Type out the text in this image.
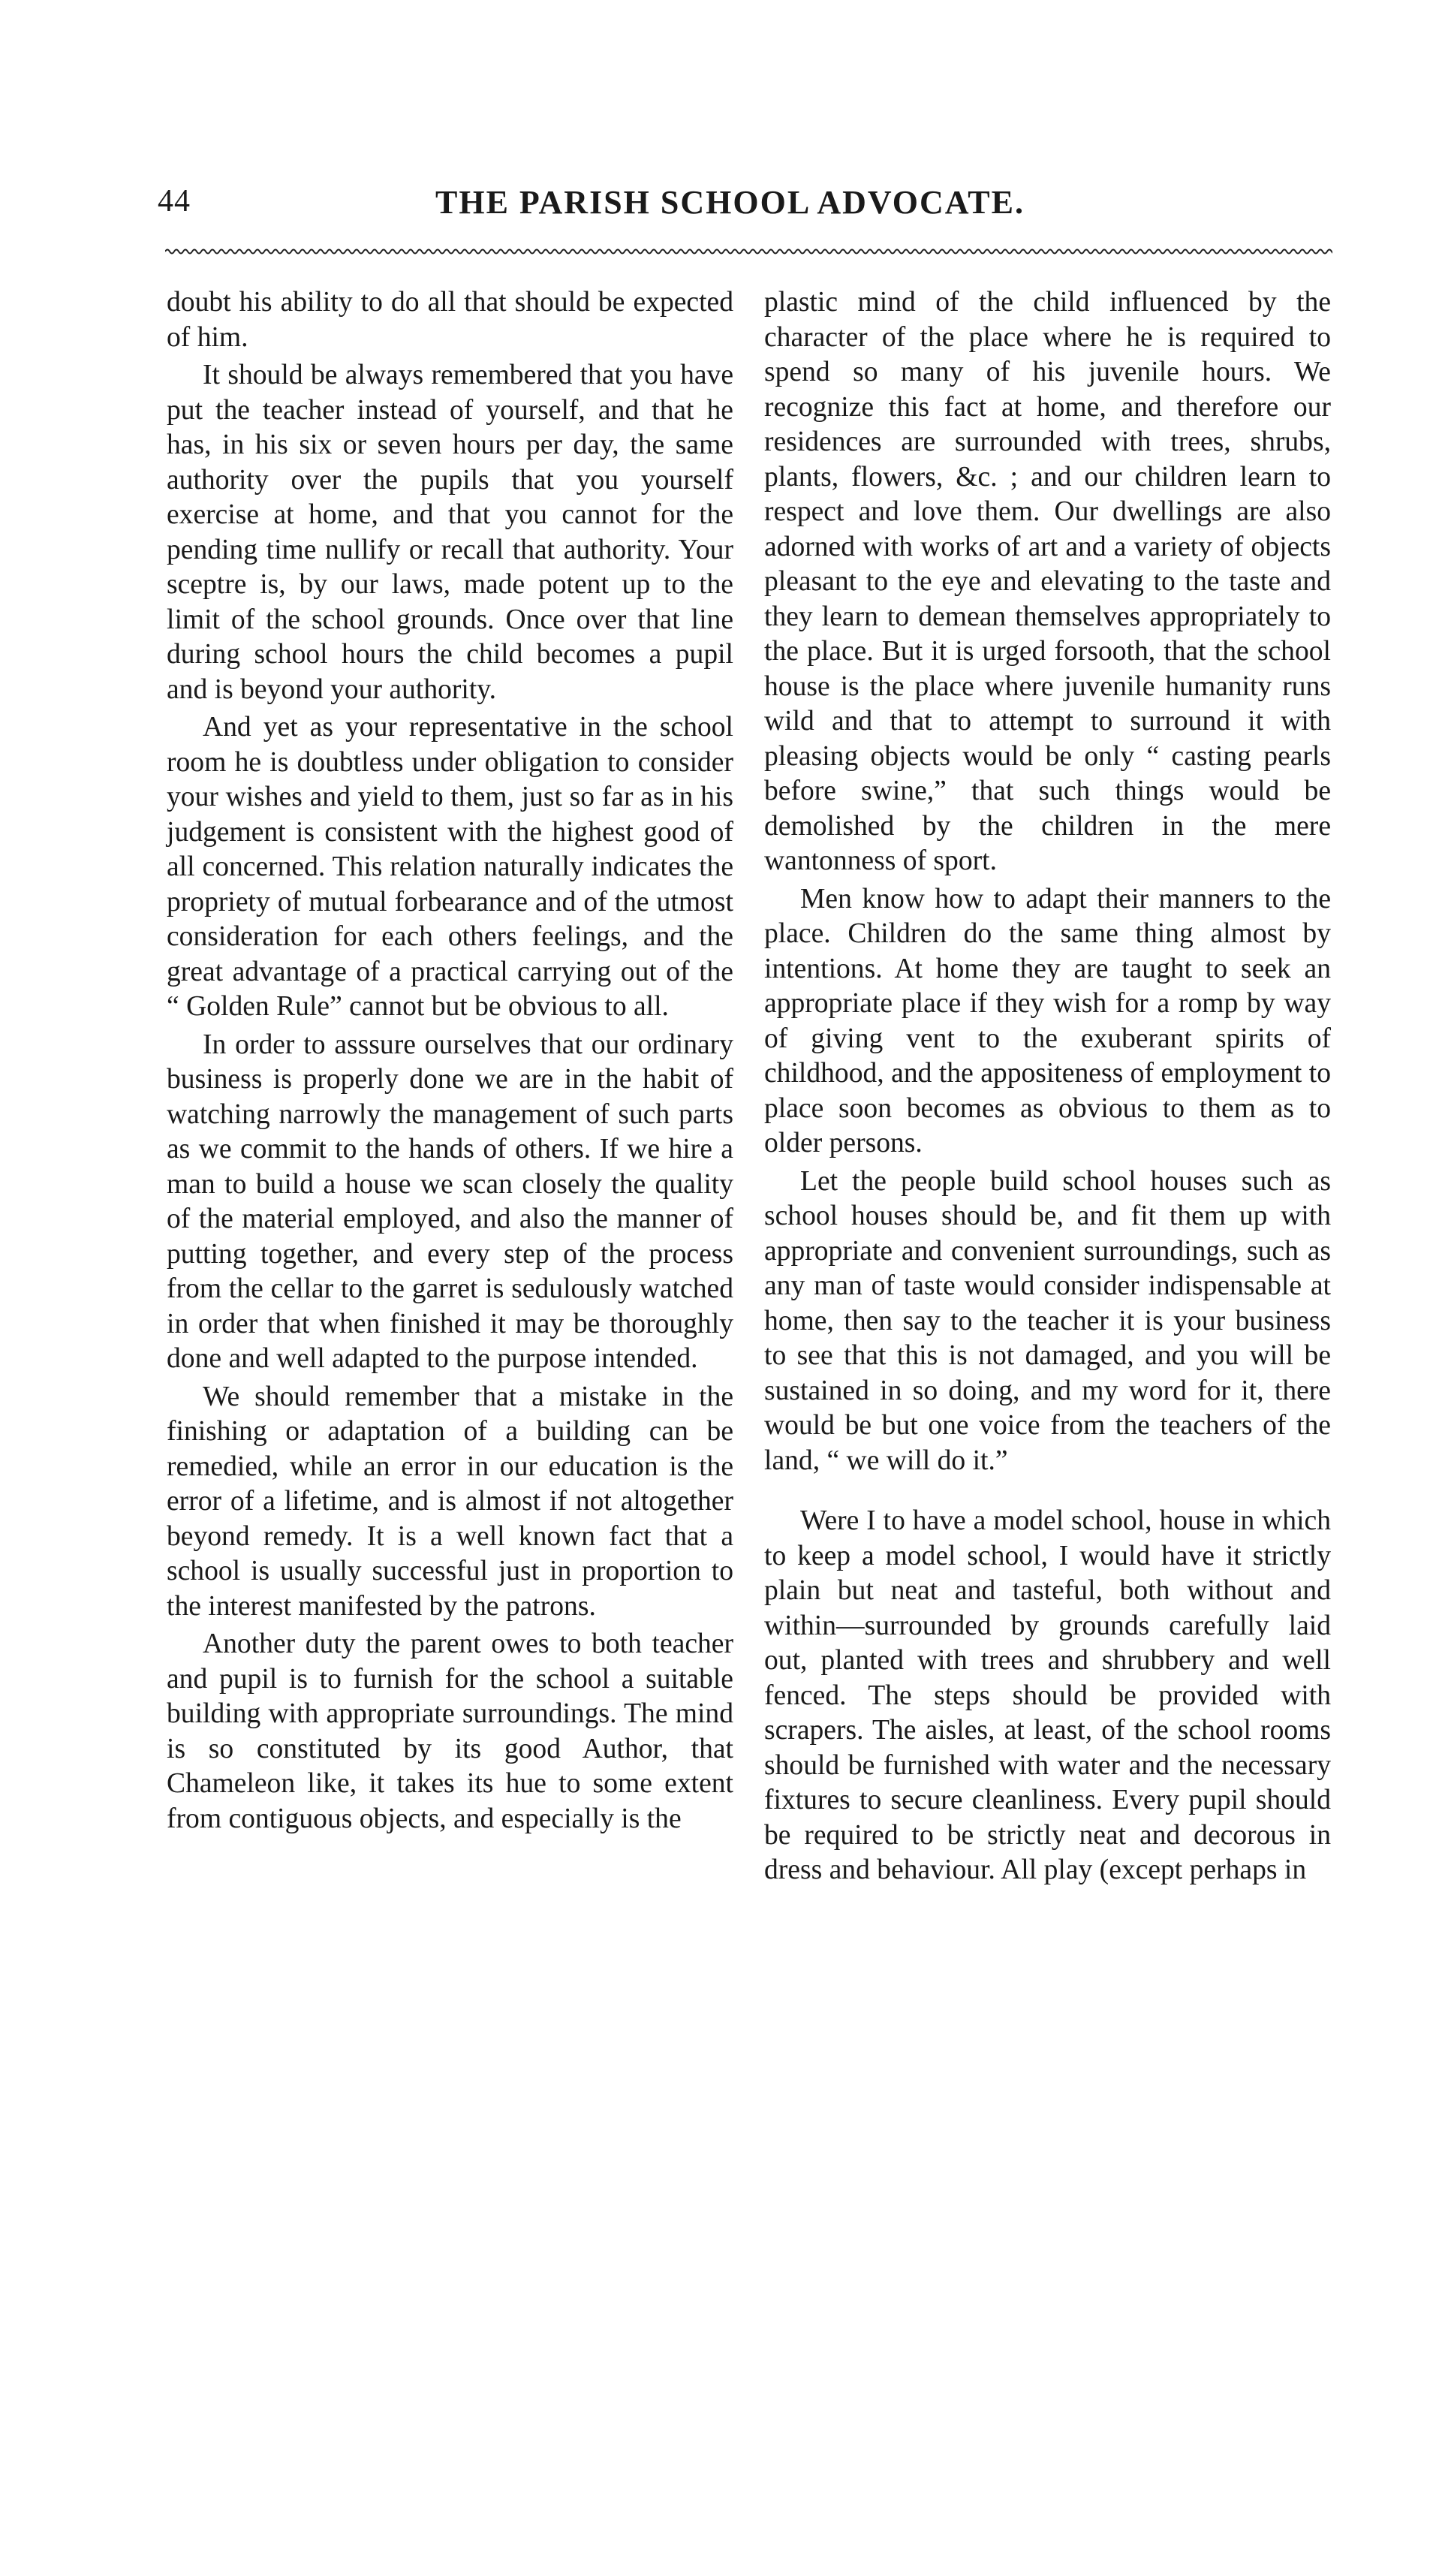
44	THE PARISH SCHOOL ADVOCATE.

doubt his ability to do all that should be expected of him.

It should be always remembered that you have put the teacher instead of yourself, and that he has, in his six or seven hours per day, the same authority over the pupils that you yourself exercise at home, and that you cannot for the pending time nullify or recall that authority. Your sceptre is, by our laws, made potent up to the limit of the school grounds. Once over that line during school hours the child becomes a pupil and is beyond your authority.

And yet as your representative in the school room he is doubtless under obligation to consider your wishes and yield to them, just so far as in his judgement is consistent with the highest good of all concerned. This relation naturally indicates the propriety of mutual forbearance and of the utmost consideration for each others feelings, and the great advantage of a practical carrying out of the “ Golden Rule” cannot but be obvious to all.

In order to asssure ourselves that our ordinary business is properly done we are in the habit of watching narrowly the management of such parts as we commit to the hands of others. If we hire a man to build a house we scan closely the quality of the material employed, and also the manner of putting together, and every step of the process from the cellar to the garret is sedulously watched in order that when finished it may be thoroughly done and well adapted to the purpose intended.

We should remember that a mistake in the finishing or adaptation of a building can be remedied, while an error in our education is the error of a lifetime, and is almost if not altogether beyond remedy. It is a well known fact that a school is usually successful just in proportion to the interest manifested by the patrons.

Another duty the parent owes to both teacher and pupil is to furnish for the school a suitable building with appropriate surroundings. The mind is so constituted by its good Author, that Chameleon like, it takes its hue to some extent from contiguous objects, and especially is the

plastic mind of the child influenced by the character of the place where he is required to spend so many of his juvenile hours. We recognize this fact at home, and therefore our residences are surrounded with trees, shrubs, plants, flowers, &c. ; and our children learn to respect and love them. Our dwellings are also adorned with works of art and a variety of objects pleasant to the eye and elevating to the taste and they learn to demean themselves appropriately to the place. But it is urged forsooth, that the school house is the place where juvenile humanity runs wild and that to attempt to surround it with pleasing objects would be only “ casting pearls before swine,” that such things would be demolished by the children in the mere wantonness of sport.

Men know how to adapt their manners to the place. Children do the same thing almost by intentions. At home they are taught to seek an appropriate place if they wish for a romp by way of giving vent to the exuberant spirits of childhood, and the appositeness of employment to place soon becomes as obvious to them as to older persons.

Let the people build school houses such as school houses should be, and fit them up with appropriate and convenient surroundings, such as any man of taste would consider indispensable at home, then say to the teacher it is your business to see that this is not damaged, and you will be sustained in so doing, and my word for it, there would be but one voice from the teachers of the land, “ we will do it.”

Were I to have a model school, house in which to keep a model school, I would have it strictly plain but neat and tasteful, both without and within—surrounded by grounds carefully laid out, planted with trees and shrubbery and well fenced. The steps should be provided with scrapers. The aisles, at least, of the school rooms should be furnished with water and the necessary fixtures to secure cleanliness. Every pupil should be required to be strictly neat and decorous in dress and behaviour. All play (except perhaps in
